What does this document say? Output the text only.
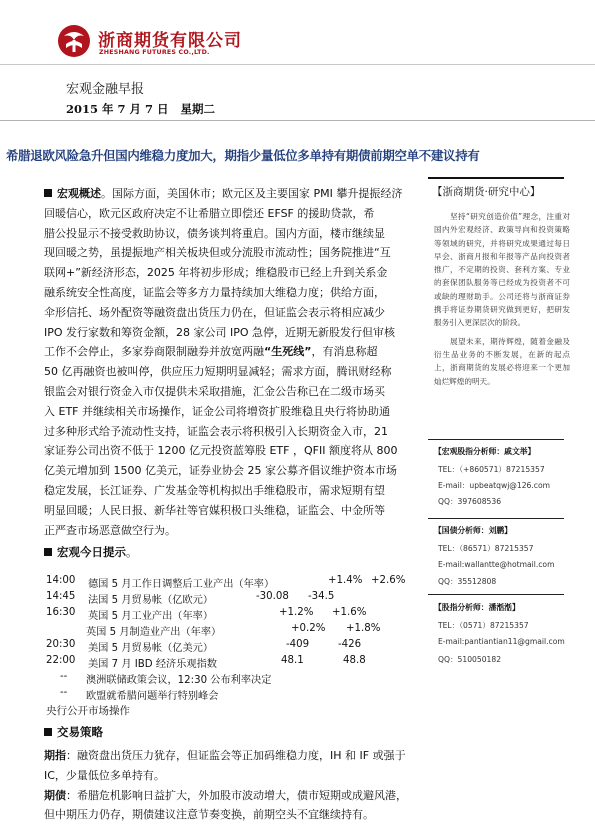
浙商期货有限公司
ZHESHANG FUTURES CO.,LTD.
宏观金融早报
2015 年 7 月 7 日   星期二
希腊退欧风险急升但国内维稳力度加大，期指少量低位多单持有期债前期空单不建议持有
宏观概述。国际方面，美国休市；欧元区及主要国家 PMI 攀升提振经济
回暖信心，欧元区政府决定不让希腊立即偿还 EFSF 的援助贷款，希
腊公投显示不接受救助协议，债务谈判将重启。国内方面，楼市继续显
现回暖之势，虽提振地产相关板块但或分流股市流动性；国务院推进“互
联网+”新经济形态，2025 年将初步形成；维稳股市已经上升到关系金
融系统安全性高度，证监会等多方力量持续加大维稳力度；供给方面，
伞形信托、场外配资等融资盘出货压力仍在，但证监会表示将相应减少
IPO 发行家数和筹资金额，28 家公司 IPO 急停，近期无新股发行但审核
工作不会停止，多家券商限制融券并放宽两融“生死线”，有消息称超
50 亿再融资也被叫停，供应压力短期明显减轻；需求方面，腾讯财经称
银监会对银行资金入市仅提供未采取措施，汇金公告称已在二级市场买
入 ETF 并继续相关市场操作，证金公司将增资扩股维稳且央行将协助通
过多种形式给予流动性支持，证监会表示将积极引入长期资金入市，21
家证券公司出资不低于 1200 亿元投资蓝筹股 ETF ，QFII 额度将从 800
亿美元增加到 1500 亿美元，证券业协会 25 家公募齐倡议维护资本市场
稳定发展，长江证券、广发基金等机构拟出手维稳股市，需求短期有望
明显回暖；人民日报、新华社等官媒积极口头维稳，证监会、中金所等
正严查市场恶意做空行为。
宏观今日提示。
14:00 德国 5 月工作日调整后工业产出（年率）	+1.4% +2.6%
14:45 法国 5 月贸易帐（亿欧元）	-30.08 -34.5
16:30 英国 5 月工业产出（年率）	+1.2% +1.6%
英国 5 月制造业产出（年率）	+0.2% +1.8%
20:30 美国 5 月贸易帐（亿美元）	-409	-426
22:00 美国 7 月 IBD 经济乐观指数	48.1	48.8
-- 澳洲联储政策会议，12:30 公布利率决定
-- 欧盟就希腊问题举行特别峰会
央行公开市场操作
交易策略
期指：融资盘出货压力犹存，但证监会等正加码维稳力度，IH 和 IF 或强于
IC，少量低位多单持有。
期债：希腊危机影响日益扩大，外加股市波动增大，债市短期或成避风港，
但中期压力仍存，期债建议注意节奏变换，前期空头不宜继续持有。
【浙商期货·研究中心】
坚持“研究创造价值”理念，注重对国内外宏观经济、政策导向和投资策略等领域的研究，并将研究成果通过每日早会、浙商月报和年报等产品向投资者推广，不定期的投资、套利方案、专业的套保团队服务等已经成为投资者不可或缺的理财助手。公司还将与浙商证券携手将证券期货研究做到更好，把研发服务引入更深层次的阶段。
展望未来，期待辉煌，随着金融及衍生品业务的不断发展，在新的起点上，浙商期货的发展必将迎来一个更加灿烂辉煌的明天。
【宏观股指分析师：戚文举】
TEL：（+860571）87215357
E-mail：upbeatqwj@126.com
QQ：397608536
【国债分析师：刘鹏】
TEL：（86571）87215357
E-mail:wallantte@hotmail.com
QQ：35512808
【股指分析师：潘湉湉】
TEL：（0571）87215357
E-mail:pantiantian11@gmail.com
QQ：510050182
